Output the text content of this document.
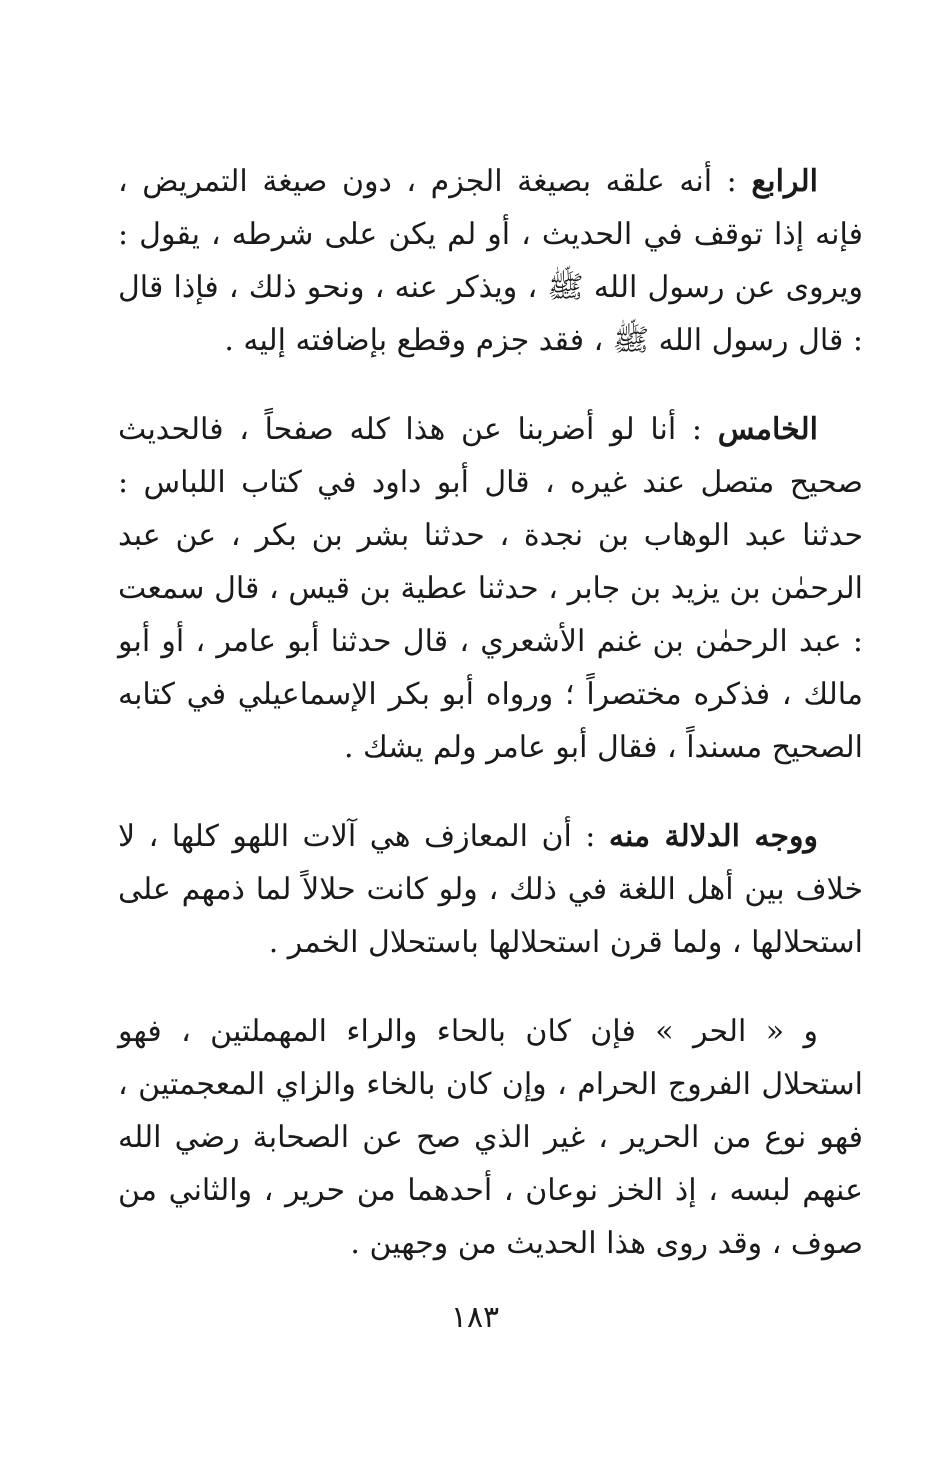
الرابع : أنه علقه بصيغة الجزم ، دون صيغة التمريض ، فإنه إذا توقف في الحديث ، أو لم يكن على شرطه ، يقول : ويروى عن رسول الله ﷺ ، ويذكر عنه ، ونحو ذلك ، فإذا قال : قال رسول الله ﷺ ، فقد جزم وقطع بإضافته إليه .

الخامس : أنا لو أضربنا عن هذا كله صفحاً ، فالحديث صحيح متصل عند غيره ، قال أبو داود في كتاب اللباس : حدثنا عبد الوهاب بن نجدة ، حدثنا بشر بن بكر ، عن عبد الرحمٰن بن يزيد بن جابر ، حدثنا عطية بن قيس ، قال سمعت : عبد الرحمٰن بن غنم الأشعري ، قال حدثنا أبو عامر ، أو أبو مالك ، فذكره مختصراً ؛ ورواه أبو بكر الإسماعيلي في كتابه الصحيح مسنداً ، فقال أبو عامر ولم يشك .

ووجه الدلالة منه : أن المعازف هي آلات اللهو كلها ، لا خلاف بين أهل اللغة في ذلك ، ولو كانت حلالاً لما ذمهم على استحلالها ، ولما قرن استحلالها باستحلال الخمر .

و « الحر » فإن كان بالحاء والراء المهملتين ، فهو استحلال الفروج الحرام ، وإن كان بالخاء والزاي المعجمتين ، فهو نوع من الحرير ، غير الذي صح عن الصحابة رضي الله عنهم لبسه ، إذ الخز نوعان ، أحدهما من حرير ، والثاني من صوف ، وقد روى هذا الحديث من وجهين .

١٨٣
